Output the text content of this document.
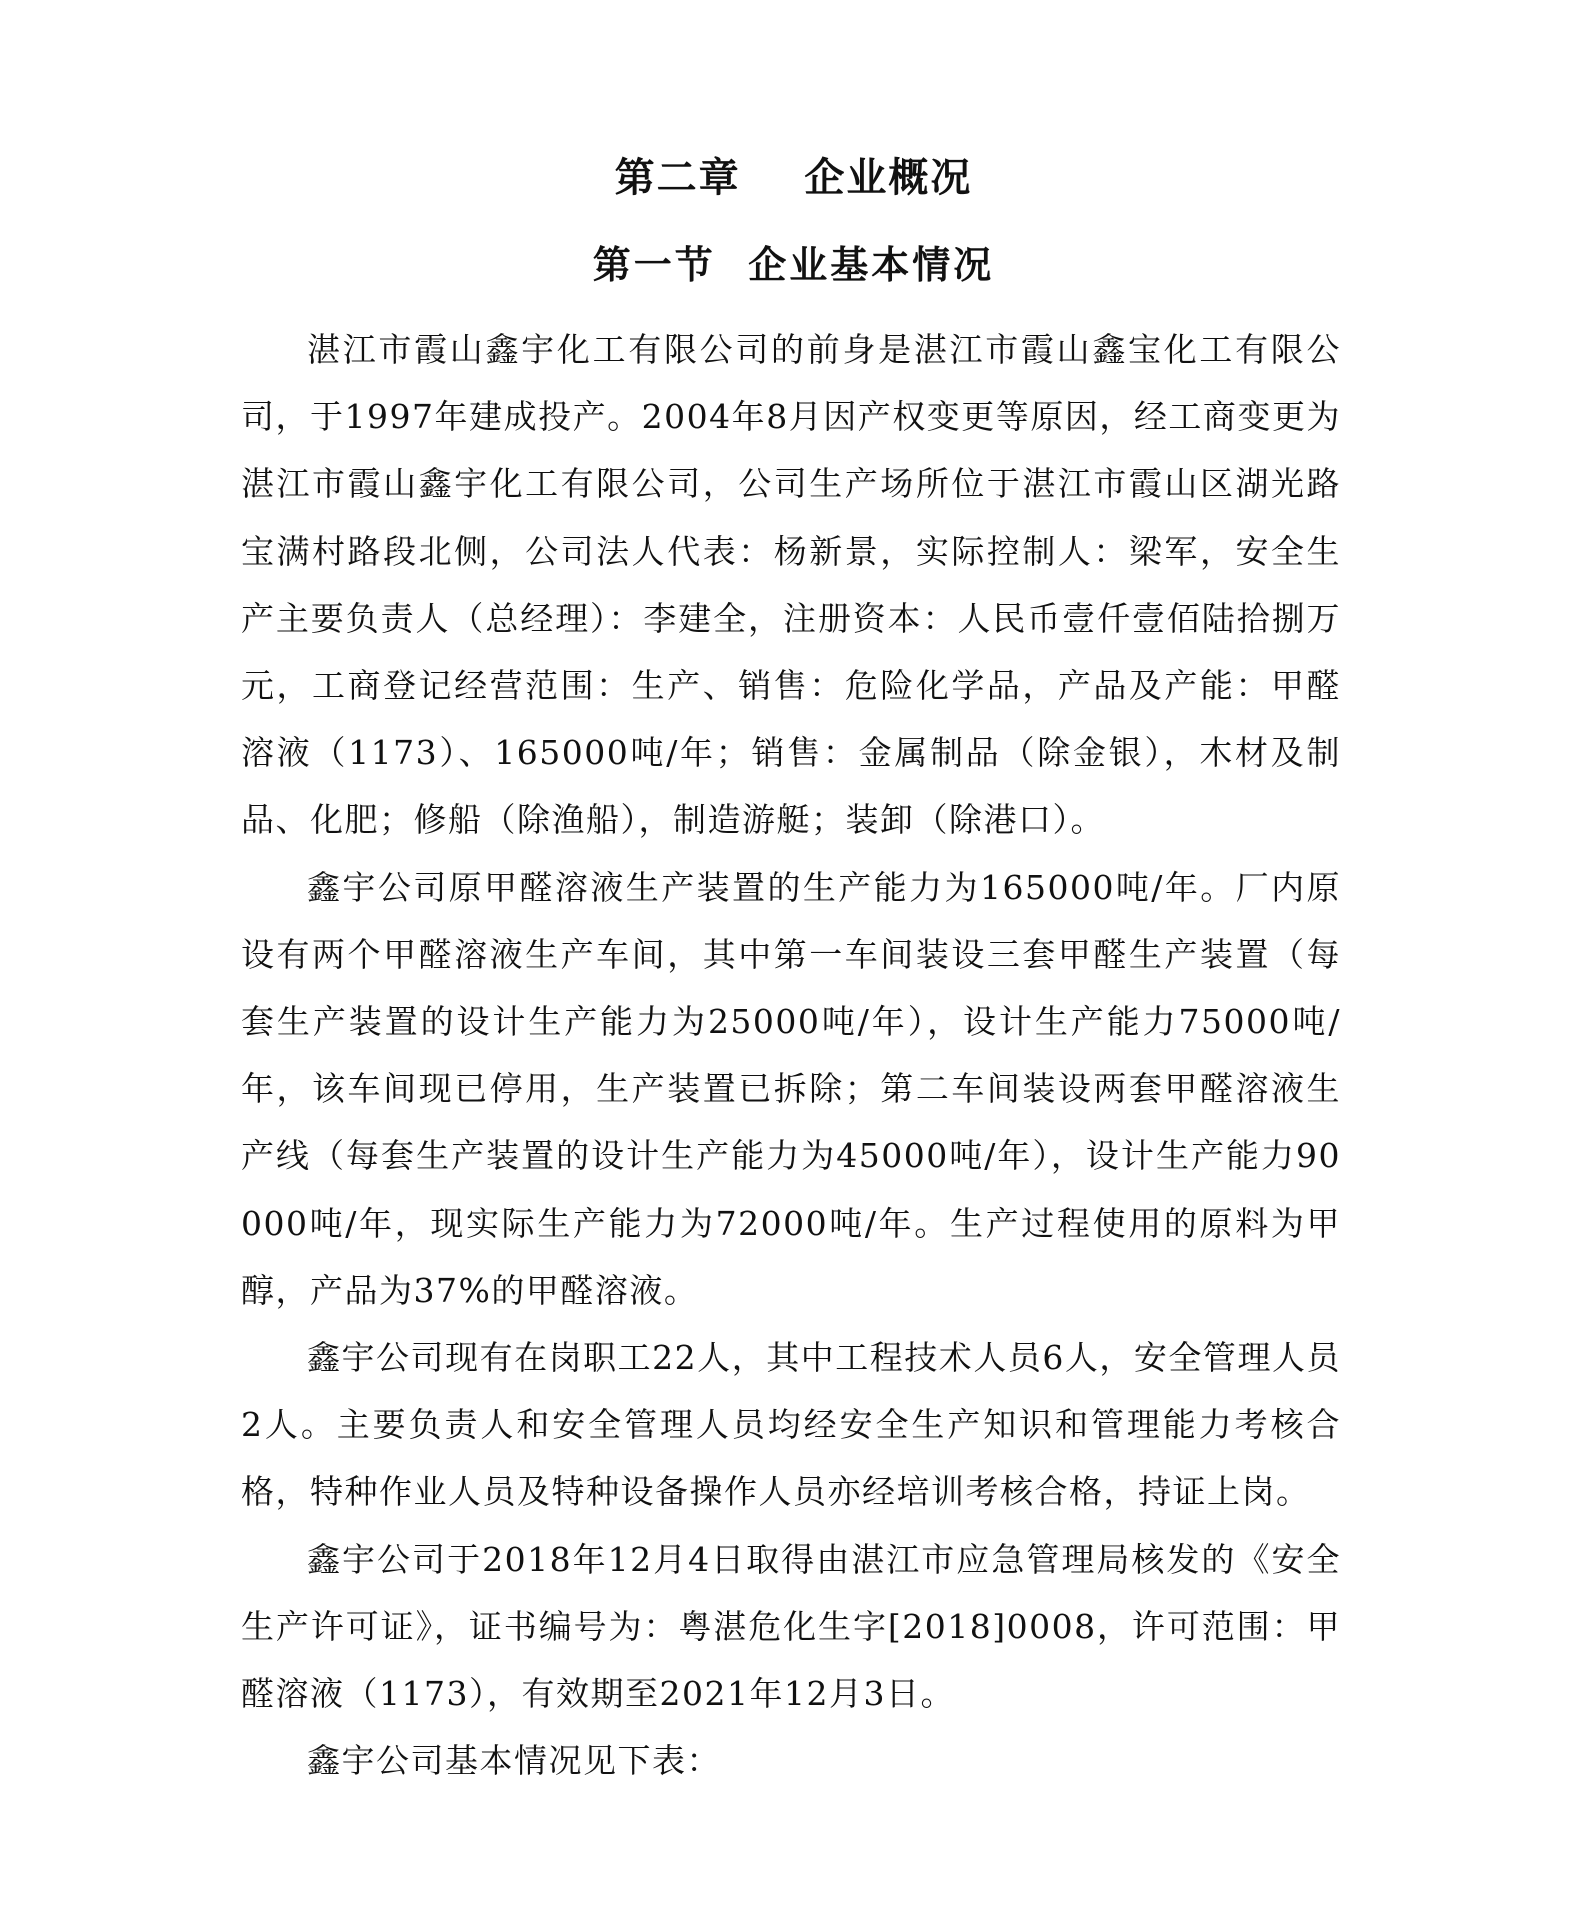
第二章    企业概况
第一节  企业基本情况

湛江市霞山鑫宇化工有限公司的前身是湛江市霞山鑫宝化工有限公司，于1997年建成投产。2004年8月因产权变更等原因，经工商变更为湛江市霞山鑫宇化工有限公司，公司生产场所位于湛江市霞山区湖光路宝满村路段北侧，公司法人代表：杨新景，实际控制人：梁军，安全生产主要负责人（总经理）：李建全，注册资本：人民币壹仟壹佰陆拾捌万元，工商登记经营范围：生产、销售：危险化学品，产品及产能：甲醛溶液（1173）、165000吨/年；销售：金属制品（除金银），木材及制品、化肥；修船（除渔船），制造游艇；装卸（除港口）。

鑫宇公司原甲醛溶液生产装置的生产能力为165000吨/年。厂内原设有两个甲醛溶液生产车间，其中第一车间装设三套甲醛生产装置（每套生产装置的设计生产能力为25000吨/年），设计生产能力75000吨/年，该车间现已停用，生产装置已拆除；第二车间装设两套甲醛溶液生产线（每套生产装置的设计生产能力为45000吨/年），设计生产能力90000吨/年，现实际生产能力为72000吨/年。生产过程使用的原料为甲醇，产品为37%的甲醛溶液。

鑫宇公司现有在岗职工22人，其中工程技术人员6人，安全管理人员2人。主要负责人和安全管理人员均经安全生产知识和管理能力考核合格，特种作业人员及特种设备操作人员亦经培训考核合格，持证上岗。

鑫宇公司于2018年12月4日取得由湛江市应急管理局核发的《安全生产许可证》，证书编号为：粤湛危化生字[2018]0008，许可范围：甲醛溶液（1173），有效期至2021年12月3日。

鑫宇公司基本情况见下表：
